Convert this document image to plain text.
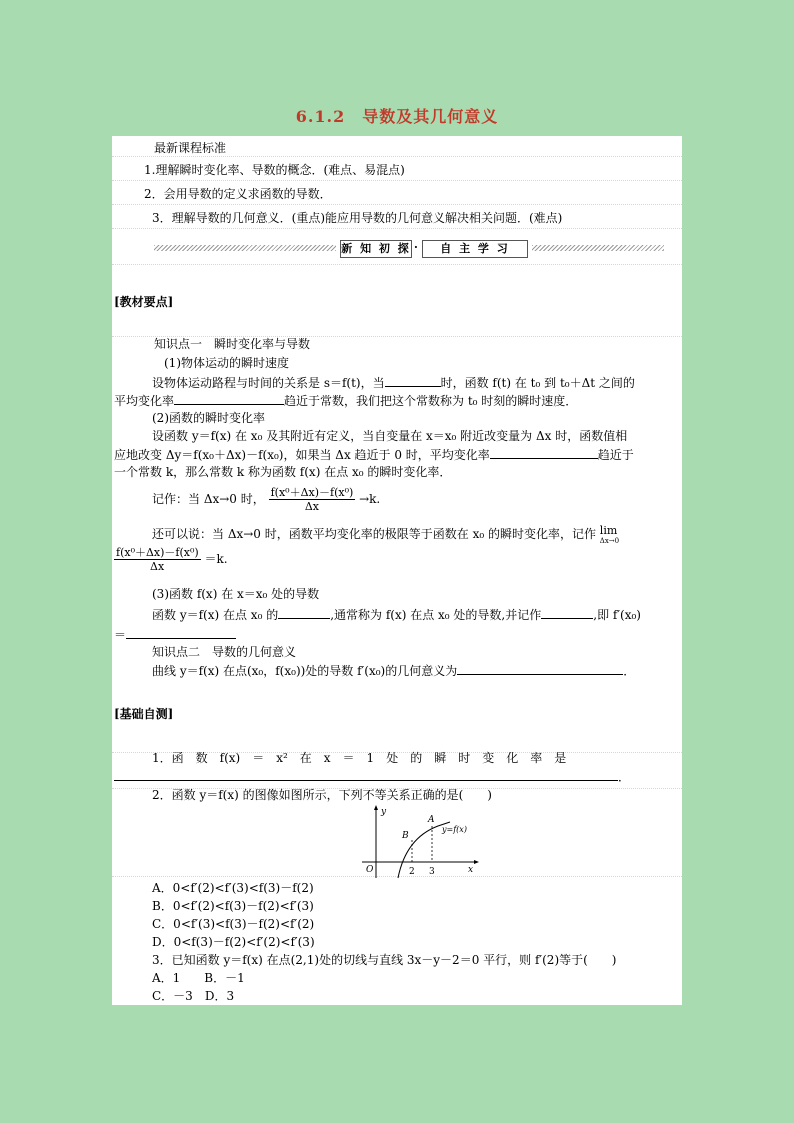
6.1.2　导数及其几何意义
最新课程标准
1.理解瞬时变化率、导数的概念．(难点、易混点)
2．会用导数的定义求函数的导数．
3．理解导数的几何意义．(重点)能应用导数的几何意义解决相关问题．(难点)
新 知 初 探 ·	自 主 学 习
[教材要点]
知识点一　瞬时变化率与导数
(1)物体运动的瞬时速度
设物体运动路程与时间的关系是 s＝f(t)，当	时，函数 f(t) 在 t₀ 到 t₀＋Δt 之间的
平均变化率	趋近于常数，我们把这个常数称为 t₀ 时刻的瞬时速度．
(2)函数的瞬时变化率
设函数 y＝f(x) 在 x₀ 及其附近有定义，当自变量在 x＝x₀ 附近改变量为 Δx 时，函数值相
应地改变 Δy＝f(x₀＋Δx)－f(x₀)，如果当 Δx 趋近于 0 时，平均变化率	趋近于
一个常数 k，那么常数 k 称为函数 f(x) 在点 x₀ 的瞬时变化率．
记作：当 Δx→0 时， $\frac{\text{f(x⁰＋Δx)－f(x⁰)}}{\Delta x} \to k$.
还可以说：当 Δx→0 时，函数平均变化率的极限等于函数在 x₀ 的瞬时变化率，记作 lim
Δx→0
$\frac{\text{f(x⁰＋Δx)－f(x⁰)}}{\Delta x} =k$.
(3)函数 f(x) 在 x＝x₀ 处的导数
函数 y＝f(x) 在点 x₀ 的	,通常称为 f(x) 在点 x₀ 处的导数,并记作	,即 f′(x₀)
＝
知识点二　导数的几何意义
曲线 y＝f(x) 在点(x₀，f(x₀))处的导数 f′(x₀)的几何意义为	．
[基础自测]
1．函　数　f(x)　＝　x²　在　x　＝　1　处　的　瞬　时　变　化　率　是
．
2．函数 y＝f(x) 的图像如图所示，下列不等关系正确的是(　　)
y
x
O
A
B
y=f(x)
2 3
A．0<f′(2)<f′(3)<f(3)－f(2)
B．0<f′(2)<f(3)－f(2)<f′(3)
C．0<f′(3)<f(3)－f(2)<f′(2)
D．0<f(3)－f(2)<f′(2)<f′(3)
3．已知函数 y＝f(x) 在点(2,1)处的切线与直线 3x－y－2＝0 平行，则 f′(2)等于(　　)
A．1　　B．－1
C．－3　D．3
